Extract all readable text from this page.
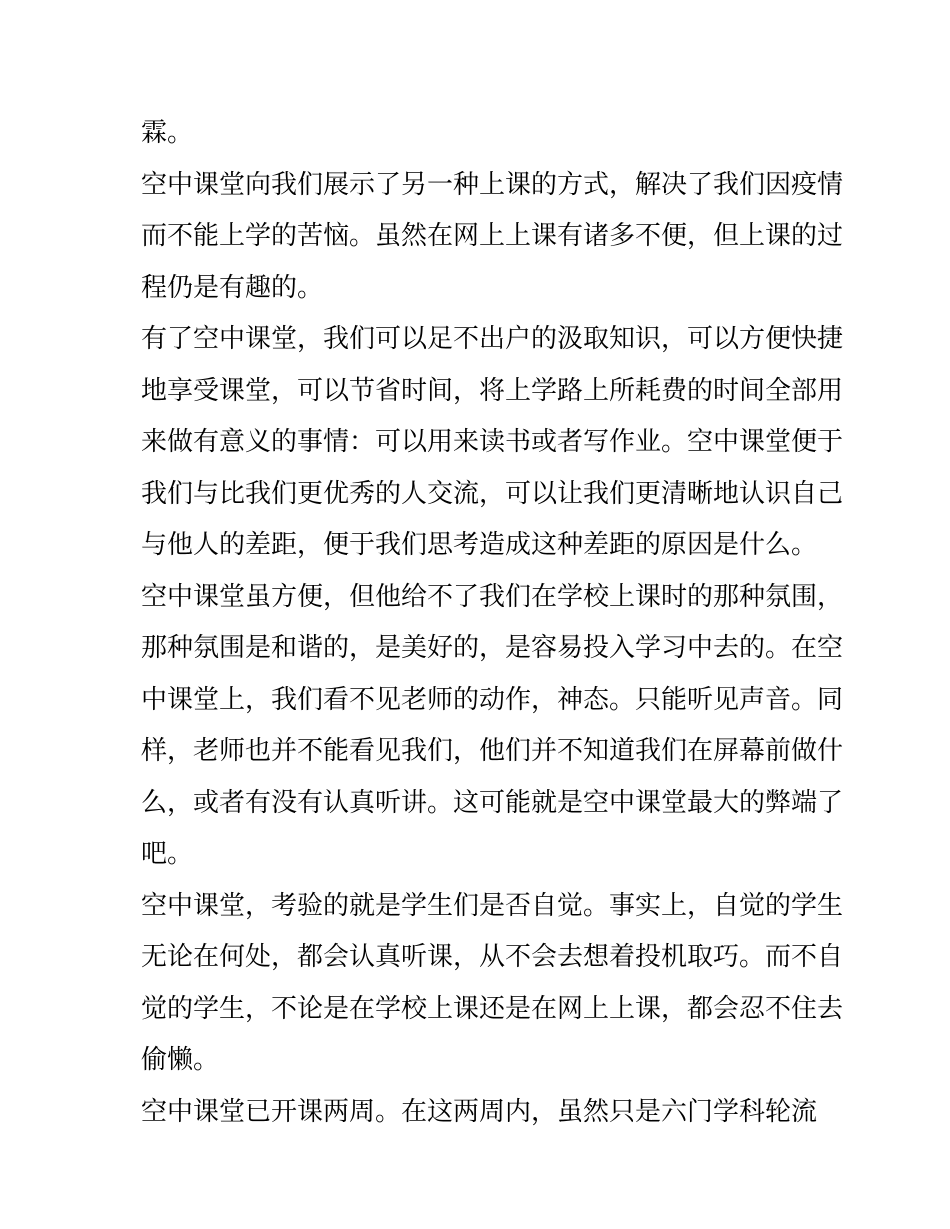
霖。
空中课堂向我们展示了另一种上课的方式，解决了我们因疫情
而不能上学的苦恼。虽然在网上上课有诸多不便，但上课的过
程仍是有趣的。
有了空中课堂，我们可以足不出户的汲取知识，可以方便快捷
地享受课堂，可以节省时间，将上学路上所耗费的时间全部用
来做有意义的事情：可以用来读书或者写作业。空中课堂便于
我们与比我们更优秀的人交流，可以让我们更清晰地认识自己
与他人的差距，便于我们思考造成这种差距的原因是什么。
空中课堂虽方便，但他给不了我们在学校上课时的那种氛围，
那种氛围是和谐的，是美好的，是容易投入学习中去的。在空
中课堂上，我们看不见老师的动作，神态。只能听见声音。同
样，老师也并不能看见我们，他们并不知道我们在屏幕前做什
么，或者有没有认真听讲。这可能就是空中课堂最大的弊端了
吧。
空中课堂，考验的就是学生们是否自觉。事实上，自觉的学生
无论在何处，都会认真听课，从不会去想着投机取巧。而不自
觉的学生，不论是在学校上课还是在网上上课，都会忍不住去
偷懒。
空中课堂已开课两周。在这两周内，虽然只是六门学科轮流
